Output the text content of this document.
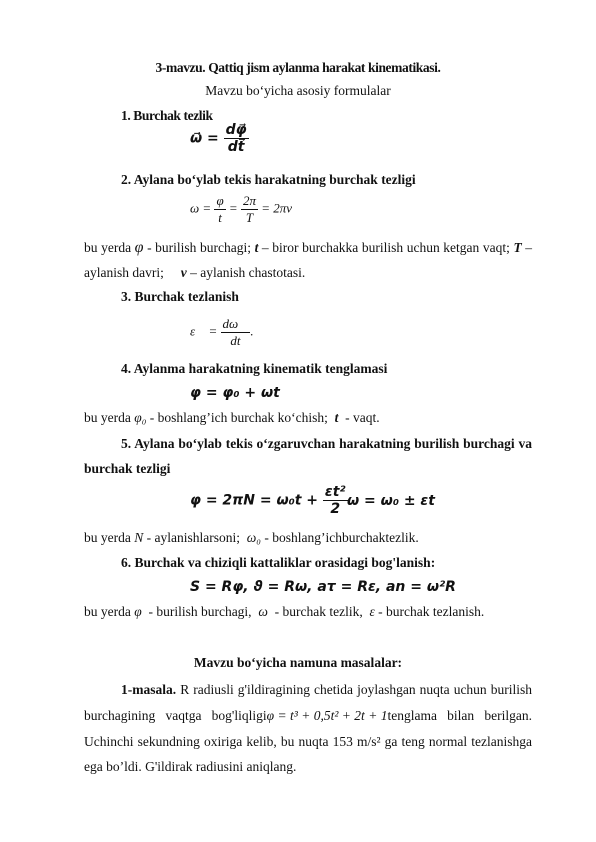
3-mavzu. Qattiq jism aylanma harakat kinematikasi.
Mavzu bo‘yicha asosiy formulalar
1. Burchak tezlik
ω⃗ = $\frac{d\varphi⃗}{dt⃗}$
2. Aylana bo‘ylab tekis harakatning burchak tezligi
$\omega = \frac{\varphi}{t} = \frac{2\pi}{T} = 2\pi\nu$
bu yerda φ - burilish burchagi; t – biror burchakka burilish uchun ketgan vaqt; T –
aylanish davri;     ν – aylanish chastotasi.
3. Burchak tezlanish
ε⃗ = $\frac{d\omega⃗}{dt}$ .
4. Aylanma harakatning kinematik tenglamasi
φ = φ₀ + ωt
bu yerda φ₀ - boshlang’ich burchak ko‘chish;  t  - vaqt.
5. Aylana bo‘ylab tekis o‘zgaruvchan harakatning burilish burchagi va
burchak tezligi
$\varphi = 2\pi N = \omega_0t + \frac{\text{εt²}}{2}$ ω = ω₀ ± εt
bu yerda N - aylanishlarsoni;  ω₀ - boshlang’ichburchaktezlik.
6. Burchak va chiziqli kattaliklar orasidagi bog'lanish:
S = Rφ, ϑ = Rω, aτ = Rε, an = ω²R
bu yerda φ  - burilish burchagi,  ω  - burchak tezlik,  ε - burchak tezlanish.
Mavzu bo‘yicha namuna masalalar:
1-masala. R radiusli g'ildiragining chetida joylashgan nuqta uchun burilish
burchagining   vaqtga   bog'liqligiφ = t³ + 0,5t² + 2t + 1tenglama   bilan   berilgan.
Uchinchi sekundning oxiriga kelib, bu nuqta 153 m/s² ga teng normal tezlanishga
ega bo’ldi. G'ildirak radiusini aniqlang.
